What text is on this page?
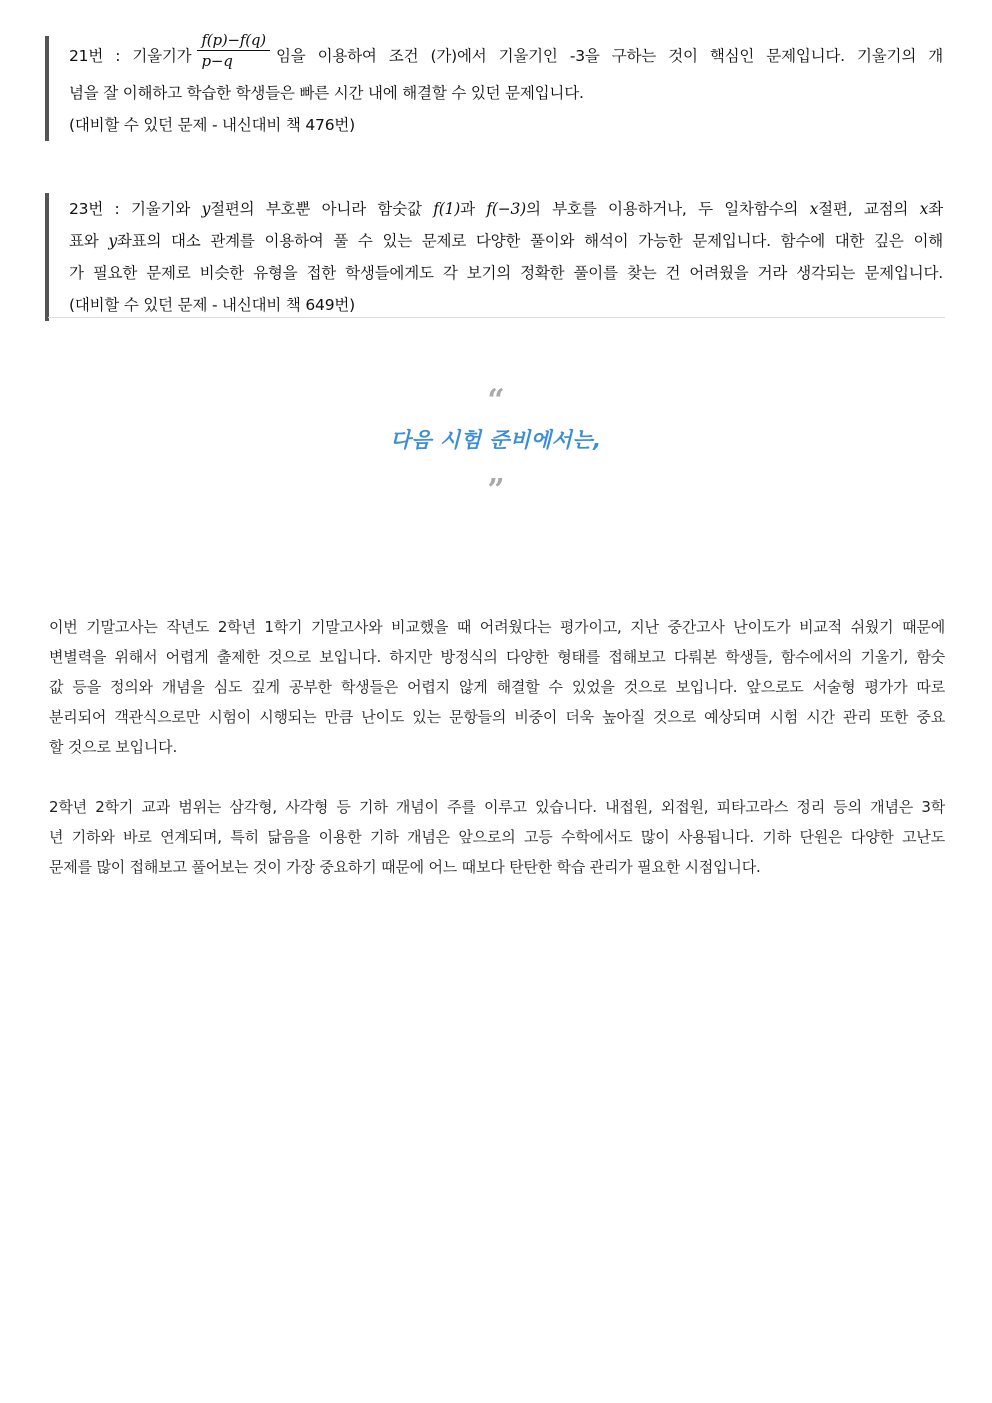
21번 : 기울기가 $\frac{f(p)-f(q)}{p-q}$ 임을 이용하여 조건 (가)에서 기울기인 -3을 구하는 것이 핵심인 문제입니다. 기울기의 개
념을 잘 이해하고 학습한 학생들은 빠른 시간 내에 해결할 수 있던 문제입니다.
(대비할 수 있던 문제 - 내신대비 책 476번)
23번 : 기울기와 y절편의 부호뿐 아니라 함숫값 f(1)과 f(−3)의 부호를 이용하거나, 두 일차함수의 x절편, 교점의 x좌
표와 y좌표의 대소 관계를 이용하여 풀 수 있는 문제로 다양한 풀이와 해석이 가능한 문제입니다. 함수에 대한 깊은 이해
가 필요한 문제로 비슷한 유형을 접한 학생들에게도 각 보기의 정확한 풀이를 찾는 건 어려웠을 거라 생각되는 문제입니다.
(대비할 수 있던 문제 - 내신대비 책 649번)
“
다음 시험 준비에서는,
”
이번 기말고사는 작년도 2학년 1학기 기말고사와 비교했을 때 어려웠다는 평가이고, 지난 중간고사 난이도가 비교적 쉬웠기 때문에
변별력을 위해서 어렵게 출제한 것으로 보입니다. 하지만 방정식의 다양한 형태를 접해보고 다뤄본 학생들, 함수에서의 기울기, 함숫
값 등을 정의와 개념을 심도 깊게 공부한 학생들은 어렵지 않게 해결할 수 있었을 것으로 보입니다. 앞으로도 서술형 평가가 따로
분리되어 객관식으로만 시험이 시행되는 만큼 난이도 있는 문항들의 비중이 더욱 높아질 것으로 예상되며 시험 시간 관리 또한 중요
할 것으로 보입니다.
2학년 2학기 교과 범위는 삼각형, 사각형 등 기하 개념이 주를 이루고 있습니다. 내접원, 외접원, 피타고라스 정리 등의 개념은 3학
년 기하와 바로 연계되며, 특히 닮음을 이용한 기하 개념은 앞으로의 고등 수학에서도 많이 사용됩니다. 기하 단원은 다양한 고난도
문제를 많이 접해보고 풀어보는 것이 가장 중요하기 때문에 어느 때보다 탄탄한 학습 관리가 필요한 시점입니다.
